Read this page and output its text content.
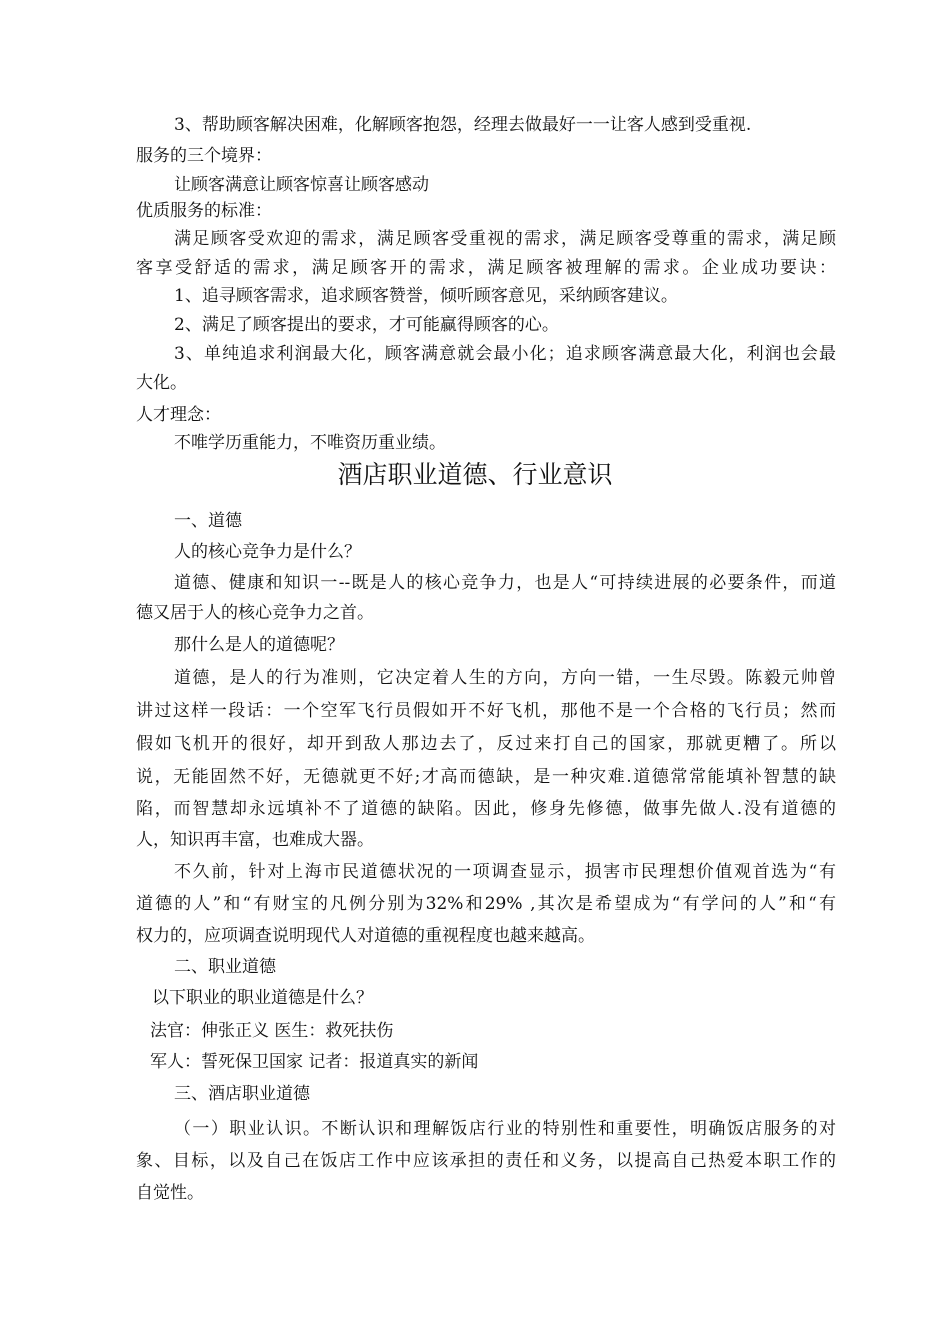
3、帮助顾客解决困难，化解顾客抱怨，经理去做最好一一让客人感到受重视.
服务的三个境界：
让顾客满意让顾客惊喜让顾客感动
优质服务的标准：
满足顾客受欢迎的需求，满足顾客受重视的需求，满足顾客受尊重的需求，满足顾
客享受舒适的需求，满足顾客开的需求，满足顾客被理解的需求。企业成功要诀：
1、追寻顾客需求，追求顾客赞誉，倾听顾客意见，采纳顾客建议。
2、满足了顾客提出的要求，才可能赢得顾客的心。
3、单纯追求利润最大化，顾客满意就会最小化；追求顾客满意最大化，利润也会最
大化。
人才理念：
不唯学历重能力，不唯资历重业绩。
酒店职业道德、行业意识
一、道德
人的核心竞争力是什么？
道德、健康和知识一--既是人的核心竞争力，也是人“可持续进展的必要条件，而道
德又居于人的核心竞争力之首。
那什么是人的道德呢？
道德，是人的行为准则，它决定着人生的方向，方向一错，一生尽毁。陈毅元帅曾
讲过这样一段话：一个空军飞行员假如开不好飞机，那他不是一个合格的飞行员；然而
假如飞机开的很好，却开到敌人那边去了，反过来打自己的国家，那就更糟了。所以
说，无能固然不好，无德就更不好;才高而德缺，是一种灾难.道德常常能填补智慧的缺
陷，而智慧却永远填补不了道德的缺陷。因此，修身先修德，做事先做人.没有道德的
人，知识再丰富，也难成大器。
不久前，针对上海市民道德状况的一项调查显示，损害市民理想价值观首选为“有
道德的人”和“有财宝的凡例分别为32%和29% ,其次是希望成为“有学问的人”和“有
权力的，应项调查说明现代人对道德的重视程度也越来越高。
二、职业道德
以下职业的职业道德是什么？
法官：伸张正义 医生：救死扶伤
军人：誓死保卫国家 记者：报道真实的新闻
三、酒店职业道德
（一）职业认识。不断认识和理解饭店行业的特别性和重要性，明确饭店服务的对
象、目标，以及自己在饭店工作中应该承担的责任和义务，以提高自己热爱本职工作的
自觉性。
